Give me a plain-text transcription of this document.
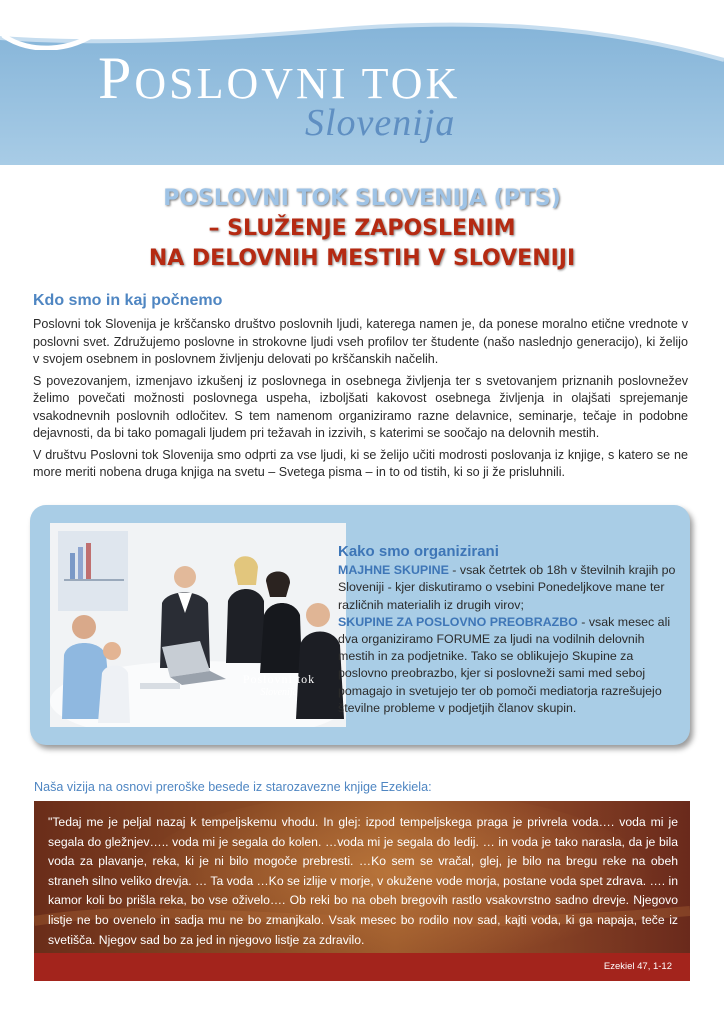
POSLOVNI TOK
Slovenija
POSLOVNI TOK SLOVENIJA (PTS)
– SLUŽENJE ZAPOSLENIM
NA DELOVNIH MESTIH V SLOVENIJI
Kdo smo in kaj počnemo

Poslovni tok Slovenija je krščansko društvo poslovnih ljudi, katerega namen je, da ponese moralno etične vrednote v poslovni svet. Združujemo poslovne in strokovne ljudi vseh profilov ter študente (našo naslednjo generacijo), ki želijo v svojem osebnem in poslovnem življenju delovati po krščanskih načelih.

S povezovanjem, izmenjavo izkušenj iz poslovnega in osebnega življenja ter s svetovanjem priznanih poslovnežev želimo povečati možnosti poslovnega uspeha, izboljšati kakovost osebnega življenja in olajšati sprejemanje vsakodnevnih poslovnih odločitev. S tem namenom organiziramo razne delavnice, seminarje, tečaje in podobne dejavnosti, da bi tako pomagali ljudem pri težavah in izzivih, s katerimi se soočajo na delovnih mestih.

V društvu Poslovni tok Slovenija smo odprti za vse ljudi, ki se želijo učiti modrosti poslovanja iz knjige, s katero se ne more meriti nobena druga knjiga na svetu – Svetega pisma – in to od tistih, ki so ji že prisluhnili.

Poslovni tok
Slovenija
Kako smo organizirani

MAJHNE SKUPINE - vsak četrtek ob 18h v številnih krajih po Sloveniji - kjer diskutiramo o vsebini Ponedeljkove mane ter različnih materialih iz drugih virov;

SKUPINE ZA POSLOVNO PREOBRAZBO - vsak mesec ali dva organiziramo FORUME za ljudi na vodilnih delovnih mestih in za podjetnike. Tako se oblikujejo Skupine za poslovno preobrazbo, kjer si poslovneži sami med seboj pomagajo in svetujejo ter ob pomoči mediatorja razrešujejo številne probleme v podjetjih članov skupin.

Naša vizija na osnovi preroške besede iz starozavezne knjige Ezekiela:
"Tedaj me je peljal nazaj k tempeljskemu vhodu. In glej: izpod tempeljskega praga je privrela voda…. voda mi je segala do gležnjev….. voda mi je segala do kolen. …voda mi je segala do ledij. … in voda je tako narasla, da je bila voda za plavanje, reka, ki je ni bilo mogoče prebresti. …Ko sem se vračal, glej, je bilo na bregu reke na obeh straneh silno veliko drevja. … Ta voda …Ko se izlije v morje, v okužene vode morja, postane voda spet zdrava. …. in kamor koli bo prišla reka, bo vse oživelo…. Ob reki bo na obeh bregovih rastlo vsakovrstno sadno drevje. Njegovo listje ne bo ovenelo in sadja mu ne bo zmanjkalo. Vsak mesec bo rodilo nov sad, kajti voda, ki ga napaja, teče iz svetišča. Njegov sad bo za jed in njegovo listje za zdravilo.
Ezekiel 47, 1-12
